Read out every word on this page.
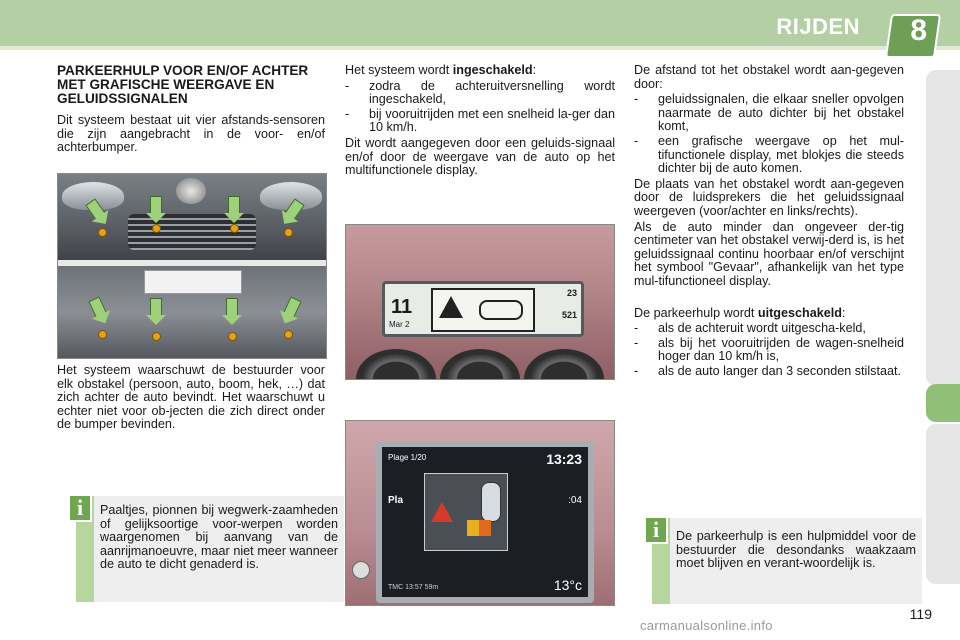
RIJDEN 8
PARKEERHULP VOOR EN/OF ACHTER MET GRAFISCHE WEERGAVE EN GELUIDSSIGNALEN

Dit systeem bestaat uit vier afstands-sensoren die zijn aangebracht in de voor- en/of achterbumper.

Het systeem waarschuwt de bestuurder voor elk obstakel (persoon, auto, boom, hek, …) dat zich achter de auto bevindt. Het waarschuwt u echter niet voor ob-jecten die zich direct onder de bumper bevinden.

Het systeem wordt ingeschakeld:

- zodra de achteruitversnelling wordt ingeschakeld,
- bij vooruitrijden met een snelheid la-ger dan 10 km/h.

Dit wordt aangegeven door een geluids-signaal en/of door de weergave van de auto op het multifunctionele display.

11
Mar 2
23
521
Plage 1/20	13:23
Pla	:04
TMC 13:57 59m	13°c

De afstand tot het obstakel wordt aan-gegeven door:

- geluidssignalen, die elkaar sneller opvolgen naarmate de auto dichter bij het obstakel komt,
- een grafische weergave op het mul-tifunctionele display, met blokjes die steeds dichter bij de auto komen.

De plaats van het obstakel wordt aan-gegeven door de luidsprekers die het geluidssignaal weergeven (voor/achter en links/rechts).

Als de auto minder dan ongeveer der-tig centimeter van het obstakel verwij-derd is, is het geluidssignaal continu hoorbaar en/of verschijnt het symbool "Gevaar", afhankelijk van het type mul-tifunctioneel display.

De parkeerhulp wordt uitgeschakeld:

- als de achteruit wordt uitgescha-keld,
- als bij het vooruitrijden de wagen-snelheid hoger dan 10 km/h is,
- als de auto langer dan 3 seconden stilstaat.
i	Paaltjes, pionnen bij wegwerk-zaamheden of gelijksoortige voor-werpen worden waargenomen bij aanvang van de aanrijmanoeuvre, maar niet meer wanneer de auto te dicht genaderd is.

i	De parkeerhulp is een hulpmiddel voor de bestuurder die desondanks waakzaam moet blijven en verant-woordelijk is.

119
carmanualsonline.info
